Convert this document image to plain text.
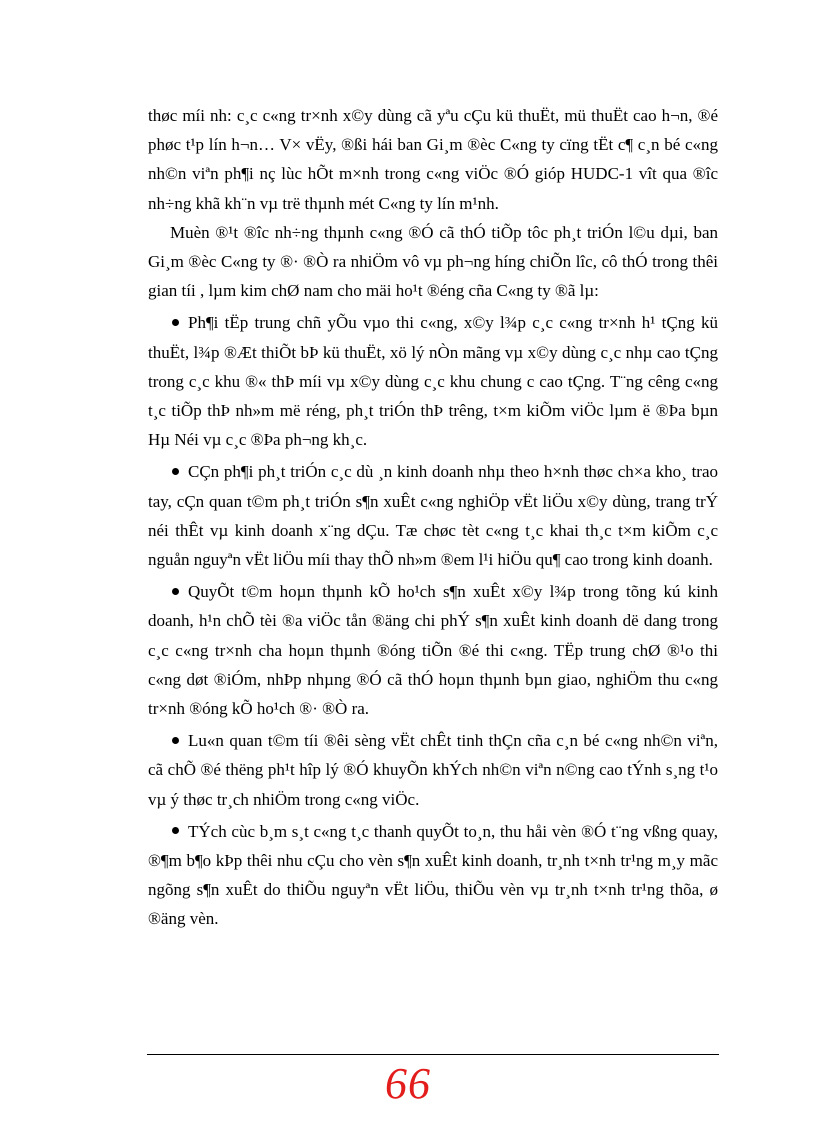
thøc míi nh: c¸c c«ng tr×nh x©y dùng cã yªu cÇu kü thuËt, mü thuËt cao h¬n, ®é phøc t¹p lín h¬n… V× vËy, ®ßi hái ban Gi¸m ®èc C«ng ty cïng tËt c¶ c¸n bé c«ng nh©n viªn ph¶i nç lùc hÕt m×nh trong c«ng viÖc ®Ó gióp HUDC-1 vît qua ®îc nh÷ng khã kh¨n vµ trë thµnh mét C«ng ty lín m¹nh.

Muèn ®¹t ®îc nh÷ng thµnh c«ng ®Ó cã thÓ tiÕp tôc ph¸t triÓn l©u dµi, ban Gi¸m ®èc C«ng ty ®· ®Ò ra nhiÖm vô vµ ph¬ng híng chiÕn lîc, cô thÓ trong thêi gian tíi , lµm kim chØ nam cho mäi ho¹t ®éng cña C«ng ty ®ã lµ:

Ph¶i tËp trung chñ yÕu vµo thi c«ng, x©y l¾p c¸c c«ng tr×nh h¹ tÇng kü thuËt, l¾p ®Æt thiÕt bÞ kü thuËt, xö lý nÒn mãng vµ x©y dùng c¸c nhµ cao tÇng trong c¸c khu ®« thÞ míi vµ x©y dùng c¸c khu chung c cao tÇng. T¨ng cêng c«ng t¸c tiÕp thÞ nh»m më réng, ph¸t triÓn thÞ trêng, t×m kiÕm viÖc lµm ë ®Þa bµn Hµ Néi vµ c¸c ®Þa ph¬ng kh¸c.

CÇn ph¶i ph¸t triÓn c¸c dù ¸n kinh doanh nhµ theo h×nh thøc ch×a kho¸ trao tay, cÇn quan t©m ph¸t triÓn s¶n xuÊt c«ng nghiÖp vËt liÖu x©y dùng, trang trÝ néi thÊt vµ kinh doanh x¨ng dÇu. Tæ chøc tèt c«ng t¸c khai th¸c t×m kiÕm c¸c nguån nguyªn vËt liÖu míi thay thÕ nh»m ®em l¹i hiÖu qu¶ cao trong kinh doanh.

QuyÕt t©m hoµn thµnh kÕ ho¹ch s¶n xuÊt x©y l¾p trong tõng kú kinh doanh, h¹n chÕ tèi ®a viÖc tån ®äng chi phÝ s¶n xuÊt kinh doanh dë dang trong c¸c c«ng tr×nh cha hoµn thµnh ®óng tiÕn ®é thi c«ng. TËp trung chØ ®¹o thi c«ng døt ®iÓm, nhÞp nhµng ®Ó cã thÓ hoµn thµnh bµn giao, nghiÖm thu c«ng tr×nh ®óng kÕ ho¹ch ®· ®Ò ra.

Lu«n quan t©m tíi ®êi sèng vËt chÊt tinh thÇn cña c¸n bé c«ng nh©n viªn, cã chÕ ®é thëng ph¹t hîp lý ®Ó khuyÕn khÝch nh©n viªn n©ng cao tÝnh s¸ng t¹o vµ ý thøc tr¸ch nhiÖm trong c«ng viÖc.

TÝch cùc b¸m s¸t c«ng t¸c thanh quyÕt to¸n, thu håi vèn ®Ó t¨ng vßng quay, ®¶m b¶o kÞp thêi nhu cÇu cho vèn s¶n xuÊt kinh doanh, tr¸nh t×nh tr¹ng m¸y mãc ngõng s¶n xuÊt do thiÕu nguyªn vËt liÖu, thiÕu vèn vµ tr¸nh t×nh tr¹ng thõa, ø ®äng vèn.

66
